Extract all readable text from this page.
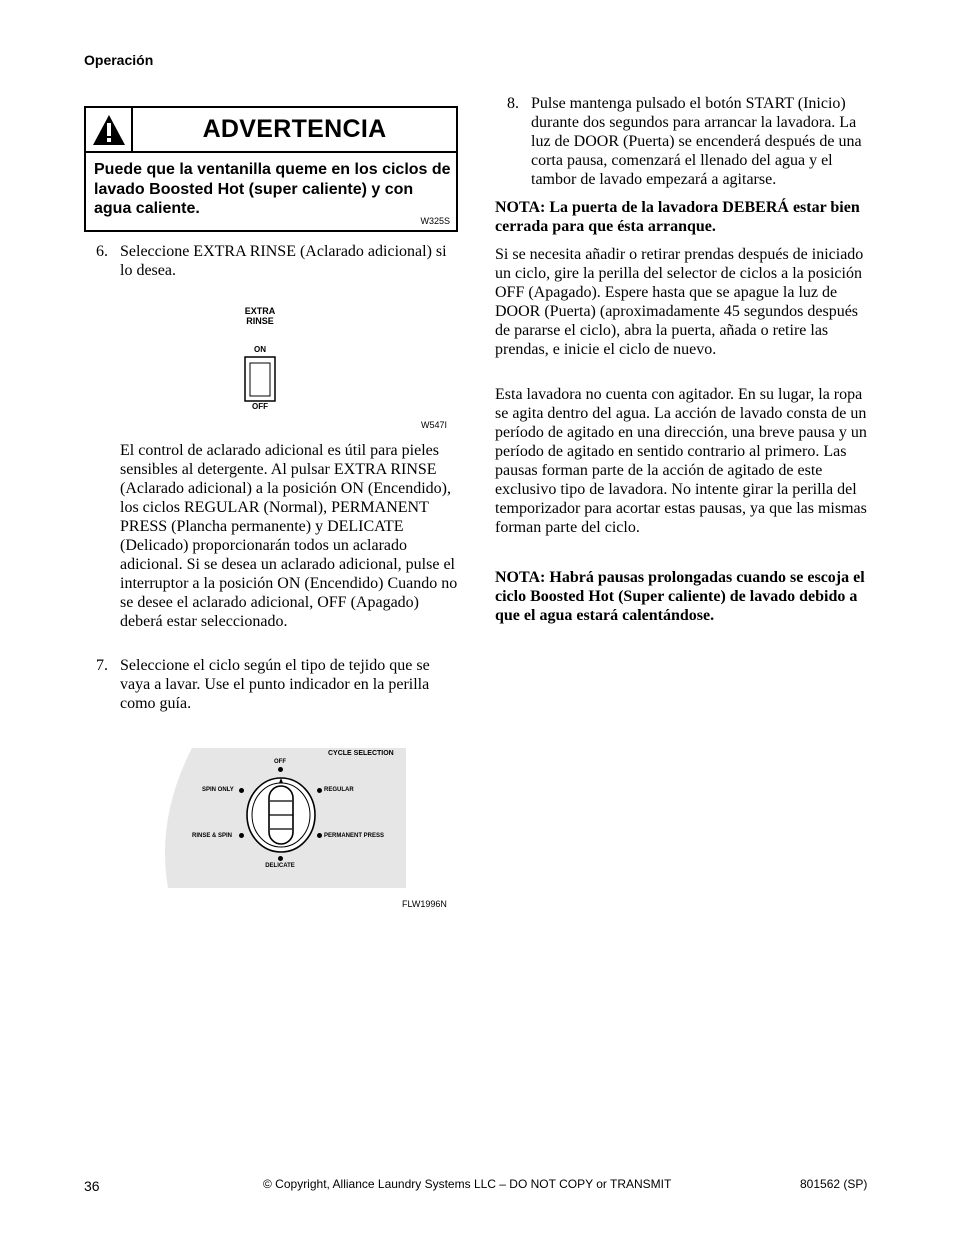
Operación
ADVERTENCIA
Puede que la ventanilla queme en los ciclos de lavado Boosted Hot (super caliente) y con agua caliente.
W325S
6. Seleccione EXTRA RINSE (Aclarado adicional) si lo desea.
EXTRA
RINSE
ON
OFF
W547I
El control de aclarado adicional es útil para pieles sensibles al detergente. Al pulsar EXTRA RINSE (Aclarado adicional) a la posición ON (Encendido), los ciclos REGULAR (Normal), PERMANENT PRESS (Plancha permanente) y DELICATE (Delicado) proporcionarán todos un aclarado adicional. Si se desea un aclarado adicional, pulse el interruptor a la posición ON (Encendido) Cuando no se desee el aclarado adicional, OFF (Apagado) deberá estar seleccionado.
7. Seleccione el ciclo según el tipo de tejido que se vaya a lavar. Use el punto indicador en la perilla como guía.
CYCLE SELECTION
OFF
SPIN ONLY	REGULAR
RINSE & SPIN	PERMANENT PRESS
DELICATE
FLW1996N
8. Pulse mantenga pulsado el botón START (Inicio) durante dos segundos para arrancar la lavadora. La luz de DOOR (Puerta) se encenderá después de una corta pausa, comenzará el llenado del agua y el tambor de lavado empezará a agitarse.
NOTA: La puerta de la lavadora DEBERÁ estar bien cerrada para que ésta arranque.
Si se necesita añadir o retirar prendas después de iniciado un ciclo, gire la perilla del selector de ciclos a la posición OFF (Apagado). Espere hasta que se apague la luz de DOOR (Puerta) (aproximadamente 45 segundos después de pararse el ciclo), abra la puerta, añada o retire las prendas, e inicie el ciclo de nuevo.
Esta lavadora no cuenta con agitador. En su lugar, la ropa se agita dentro del agua. La acción de lavado consta de un período de agitado en una dirección, una breve pausa y un período de agitado en sentido contrario al primero. Las pausas forman parte de la acción de agitado de este exclusivo tipo de lavadora. No intente girar la perilla del temporizador para acortar estas pausas, ya que las mismas forman parte del ciclo.
NOTA: Habrá pausas prolongadas cuando se escoja el ciclo Boosted Hot (Super caliente) de lavado debido a que el agua estará calentándose.
36	© Copyright, Alliance Laundry Systems LLC – DO NOT COPY or TRANSMIT	801562 (SP)
